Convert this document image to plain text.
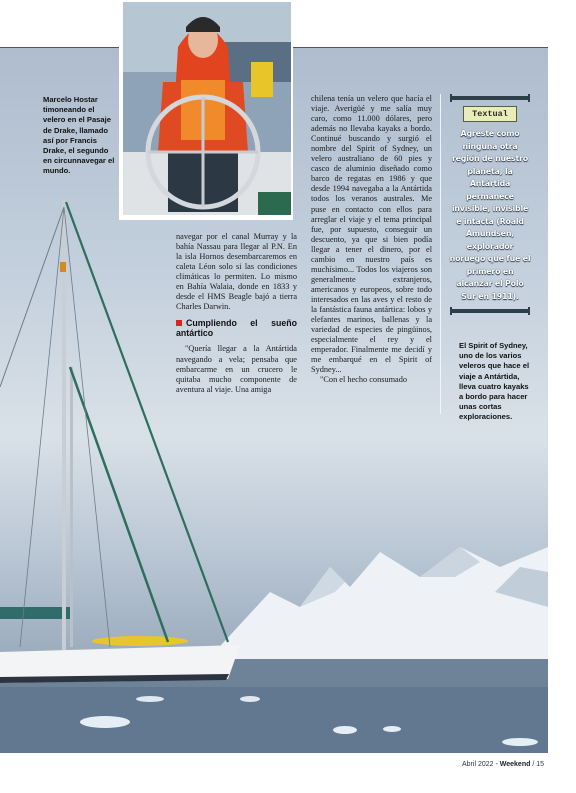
Marcelo Hostar timoneando el velero en el Pasaje de Drake, llamado así por Francis Drake, el segundo en circunnavegar el mundo.

navegar por el canal Murray y la bahía Nassau para llegar al P.N. En la isla Hornos desembarcaremos en caleta Léon solo si las condiciones climáticas lo permiten. Lo mismo en Bahía Walaia, donde en 1833 y desde el HMS Beagle bajó a tierra Charles Darwin.

Cumpliendo el sueño antártico

"Quería llegar a la Antártida navegando a vela; pensaba que embarcarme en un crucero le quitaba mucho componente de aventura al viaje. Una amiga

chilena tenía un velero que hacía el viaje. Averigüé y me salía muy caro, como 11.000 dólares, pero además no llevaba kayaks a bordo. Continué buscando y surgió el nombre del Spirit of Sydney, un velero australiano de 60 pies y casco de aluminio diseñado como barco de regatas en 1986 y que desde 1994 navegaba a la Antártida todos los veranos australes. Me puse en contacto con ellos para arreglar el viaje y el tema principal fue, por supuesto, conseguir un descuento, ya que si bien podía llegar a tener el dinero, por el cambio en nuestro país es muchísimo... Todos los viajeros son generalmente extranjeros, americanos y europeos, sobre todo interesados en las aves y el resto de la fantástica fauna antártica: lobos y elefantes marinos, ballenas y la variedad de especies de pingüinos, especialmente el rey y el emperador. Finalmente me decidí y me embarqué en el Spirit of Sydney...

"Con el hecho consumado

Textual
Agreste como ninguna otra región de nuestro planeta, la Antártida permanece invisible, invisible e intacta (Roald Amundsen, explorador noruego que fue el primero en alcanzar el Polo Sur en 1911).
El Spirit of Sydney, uno de los varios veleros que hace el viaje a Antártida, lleva cuatro kayaks a bordo para hacer unas cortas exploraciones.
Abril 2022 - Weekend / 15
